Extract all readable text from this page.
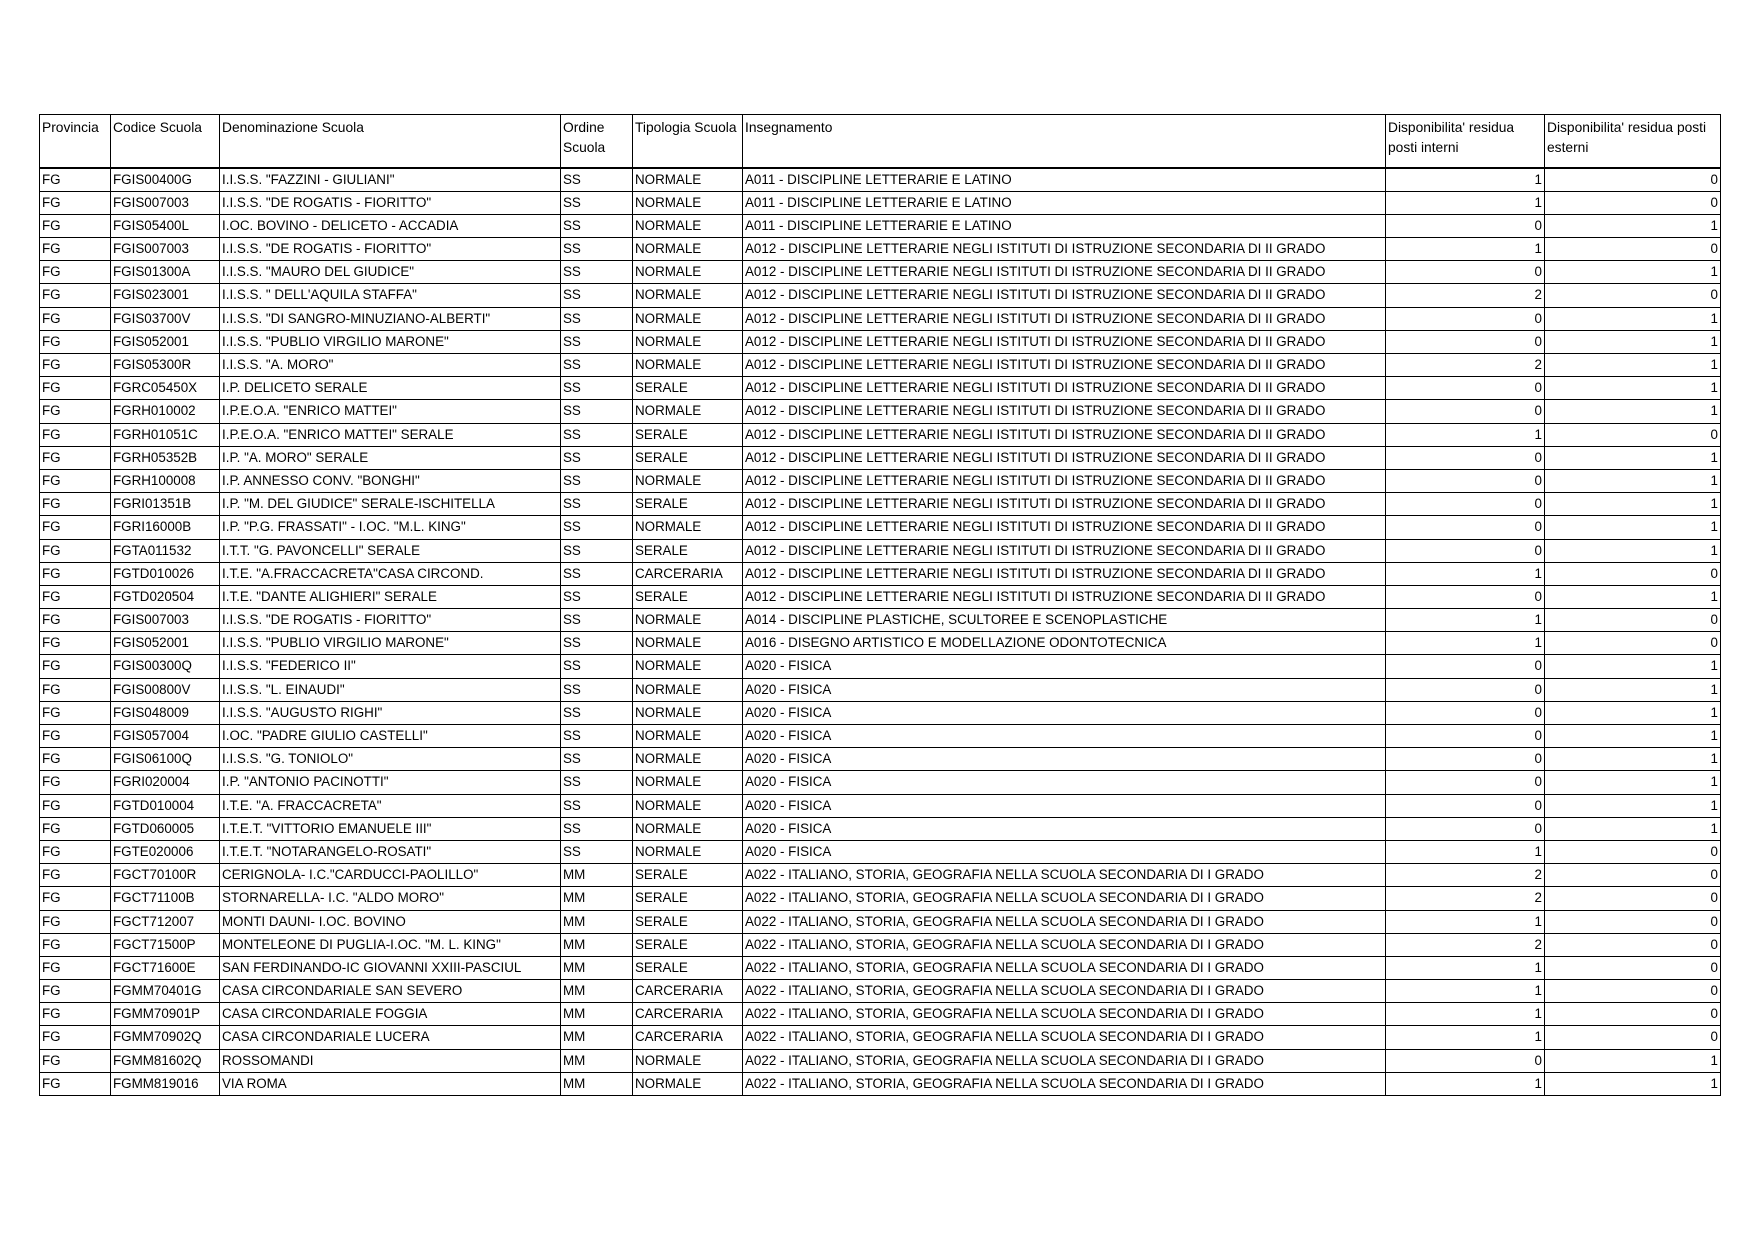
Provincia	Codice Scuola	Denominazione Scuola	Ordine Scuola	Tipologia Scuola	Insegnamento	Disponibilita' residua posti interni	Disponibilita' residua posti esterni
FG	FGIS00400G	I.I.S.S. "FAZZINI - GIULIANI"	SS	NORMALE	A011 - DISCIPLINE LETTERARIE E LATINO	1	0
FG	FGIS007003	I.I.S.S. "DE ROGATIS - FIORITTO"	SS	NORMALE	A011 - DISCIPLINE LETTERARIE E LATINO	1	0
FG	FGIS05400L	I.OC. BOVINO - DELICETO - ACCADIA	SS	NORMALE	A011 - DISCIPLINE LETTERARIE E LATINO	0	1
FG	FGIS007003	I.I.S.S. "DE ROGATIS - FIORITTO"	SS	NORMALE	A012 - DISCIPLINE LETTERARIE NEGLI ISTITUTI DI ISTRUZIONE SECONDARIA DI II GRADO	1	0
FG	FGIS01300A	I.I.S.S. "MAURO DEL GIUDICE"	SS	NORMALE	A012 - DISCIPLINE LETTERARIE NEGLI ISTITUTI DI ISTRUZIONE SECONDARIA DI II GRADO	0	1
FG	FGIS023001	I.I.S.S. " DELL'AQUILA STAFFA"	SS	NORMALE	A012 - DISCIPLINE LETTERARIE NEGLI ISTITUTI DI ISTRUZIONE SECONDARIA DI II GRADO	2	0
FG	FGIS03700V	I.I.S.S. "DI SANGRO-MINUZIANO-ALBERTI"	SS	NORMALE	A012 - DISCIPLINE LETTERARIE NEGLI ISTITUTI DI ISTRUZIONE SECONDARIA DI II GRADO	0	1
FG	FGIS052001	I.I.S.S. "PUBLIO VIRGILIO MARONE"	SS	NORMALE	A012 - DISCIPLINE LETTERARIE NEGLI ISTITUTI DI ISTRUZIONE SECONDARIA DI II GRADO	0	1
FG	FGIS05300R	I.I.S.S. "A. MORO"	SS	NORMALE	A012 - DISCIPLINE LETTERARIE NEGLI ISTITUTI DI ISTRUZIONE SECONDARIA DI II GRADO	2	1
FG	FGRC05450X	I.P. DELICETO SERALE	SS	SERALE	A012 - DISCIPLINE LETTERARIE NEGLI ISTITUTI DI ISTRUZIONE SECONDARIA DI II GRADO	0	1
FG	FGRH010002	I.P.E.O.A. "ENRICO MATTEI"	SS	NORMALE	A012 - DISCIPLINE LETTERARIE NEGLI ISTITUTI DI ISTRUZIONE SECONDARIA DI II GRADO	0	1
FG	FGRH01051C	I.P.E.O.A. "ENRICO MATTEI" SERALE	SS	SERALE	A012 - DISCIPLINE LETTERARIE NEGLI ISTITUTI DI ISTRUZIONE SECONDARIA DI II GRADO	1	0
FG	FGRH05352B	I.P. "A. MORO" SERALE	SS	SERALE	A012 - DISCIPLINE LETTERARIE NEGLI ISTITUTI DI ISTRUZIONE SECONDARIA DI II GRADO	0	1
FG	FGRH100008	I.P. ANNESSO CONV. "BONGHI"	SS	NORMALE	A012 - DISCIPLINE LETTERARIE NEGLI ISTITUTI DI ISTRUZIONE SECONDARIA DI II GRADO	0	1
FG	FGRI01351B	I.P. "M. DEL GIUDICE" SERALE-ISCHITELLA	SS	SERALE	A012 - DISCIPLINE LETTERARIE NEGLI ISTITUTI DI ISTRUZIONE SECONDARIA DI II GRADO	0	1
FG	FGRI16000B	I.P. "P.G. FRASSATI" - I.OC. "M.L. KING"	SS	NORMALE	A012 - DISCIPLINE LETTERARIE NEGLI ISTITUTI DI ISTRUZIONE SECONDARIA DI II GRADO	0	1
FG	FGTA011532	I.T.T. "G. PAVONCELLI" SERALE	SS	SERALE	A012 - DISCIPLINE LETTERARIE NEGLI ISTITUTI DI ISTRUZIONE SECONDARIA DI II GRADO	0	1
FG	FGTD010026	I.T.E. "A.FRACCACRETA"CASA CIRCOND.	SS	CARCERARIA	A012 - DISCIPLINE LETTERARIE NEGLI ISTITUTI DI ISTRUZIONE SECONDARIA DI II GRADO	1	0
FG	FGTD020504	I.T.E. "DANTE ALIGHIERI" SERALE	SS	SERALE	A012 - DISCIPLINE LETTERARIE NEGLI ISTITUTI DI ISTRUZIONE SECONDARIA DI II GRADO	0	1
FG	FGIS007003	I.I.S.S. "DE ROGATIS - FIORITTO"	SS	NORMALE	A014 - DISCIPLINE PLASTICHE, SCULTOREE E SCENOPLASTICHE	1	0
FG	FGIS052001	I.I.S.S. "PUBLIO VIRGILIO MARONE"	SS	NORMALE	A016 - DISEGNO ARTISTICO E MODELLAZIONE ODONTOTECNICA	1	0
FG	FGIS00300Q	I.I.S.S. "FEDERICO II"	SS	NORMALE	A020 - FISICA	0	1
FG	FGIS00800V	I.I.S.S. "L. EINAUDI"	SS	NORMALE	A020 - FISICA	0	1
FG	FGIS048009	I.I.S.S. "AUGUSTO RIGHI"	SS	NORMALE	A020 - FISICA	0	1
FG	FGIS057004	I.OC. "PADRE GIULIO CASTELLI"	SS	NORMALE	A020 - FISICA	0	1
FG	FGIS06100Q	I.I.S.S. "G. TONIOLO"	SS	NORMALE	A020 - FISICA	0	1
FG	FGRI020004	I.P. "ANTONIO PACINOTTI"	SS	NORMALE	A020 - FISICA	0	1
FG	FGTD010004	I.T.E. "A. FRACCACRETA"	SS	NORMALE	A020 - FISICA	0	1
FG	FGTD060005	I.T.E.T. "VITTORIO EMANUELE III"	SS	NORMALE	A020 - FISICA	0	1
FG	FGTE020006	I.T.E.T. "NOTARANGELO-ROSATI"	SS	NORMALE	A020 - FISICA	1	0
FG	FGCT70100R	CERIGNOLA- I.C."CARDUCCI-PAOLILLO"	MM	SERALE	A022 - ITALIANO, STORIA, GEOGRAFIA NELLA SCUOLA SECONDARIA DI I GRADO	2	0
FG	FGCT71100B	STORNARELLA- I.C. "ALDO MORO"	MM	SERALE	A022 - ITALIANO, STORIA, GEOGRAFIA NELLA SCUOLA SECONDARIA DI I GRADO	2	0
FG	FGCT712007	MONTI DAUNI- I.OC. BOVINO	MM	SERALE	A022 - ITALIANO, STORIA, GEOGRAFIA NELLA SCUOLA SECONDARIA DI I GRADO	1	0
FG	FGCT71500P	MONTELEONE DI PUGLIA-I.OC. "M. L. KING"	MM	SERALE	A022 - ITALIANO, STORIA, GEOGRAFIA NELLA SCUOLA SECONDARIA DI I GRADO	2	0
FG	FGCT71600E	SAN FERDINANDO-IC GIOVANNI XXIII-PASCIUL	MM	SERALE	A022 - ITALIANO, STORIA, GEOGRAFIA NELLA SCUOLA SECONDARIA DI I GRADO	1	0
FG	FGMM70401G	CASA CIRCONDARIALE SAN SEVERO	MM	CARCERARIA	A022 - ITALIANO, STORIA, GEOGRAFIA NELLA SCUOLA SECONDARIA DI I GRADO	1	0
FG	FGMM70901P	CASA CIRCONDARIALE FOGGIA	MM	CARCERARIA	A022 - ITALIANO, STORIA, GEOGRAFIA NELLA SCUOLA SECONDARIA DI I GRADO	1	0
FG	FGMM70902Q	CASA CIRCONDARIALE LUCERA	MM	CARCERARIA	A022 - ITALIANO, STORIA, GEOGRAFIA NELLA SCUOLA SECONDARIA DI I GRADO	1	0
FG	FGMM81602Q	ROSSOMANDI	MM	NORMALE	A022 - ITALIANO, STORIA, GEOGRAFIA NELLA SCUOLA SECONDARIA DI I GRADO	0	1
FG	FGMM819016	VIA ROMA	MM	NORMALE	A022 - ITALIANO, STORIA, GEOGRAFIA NELLA SCUOLA SECONDARIA DI I GRADO	1	1
